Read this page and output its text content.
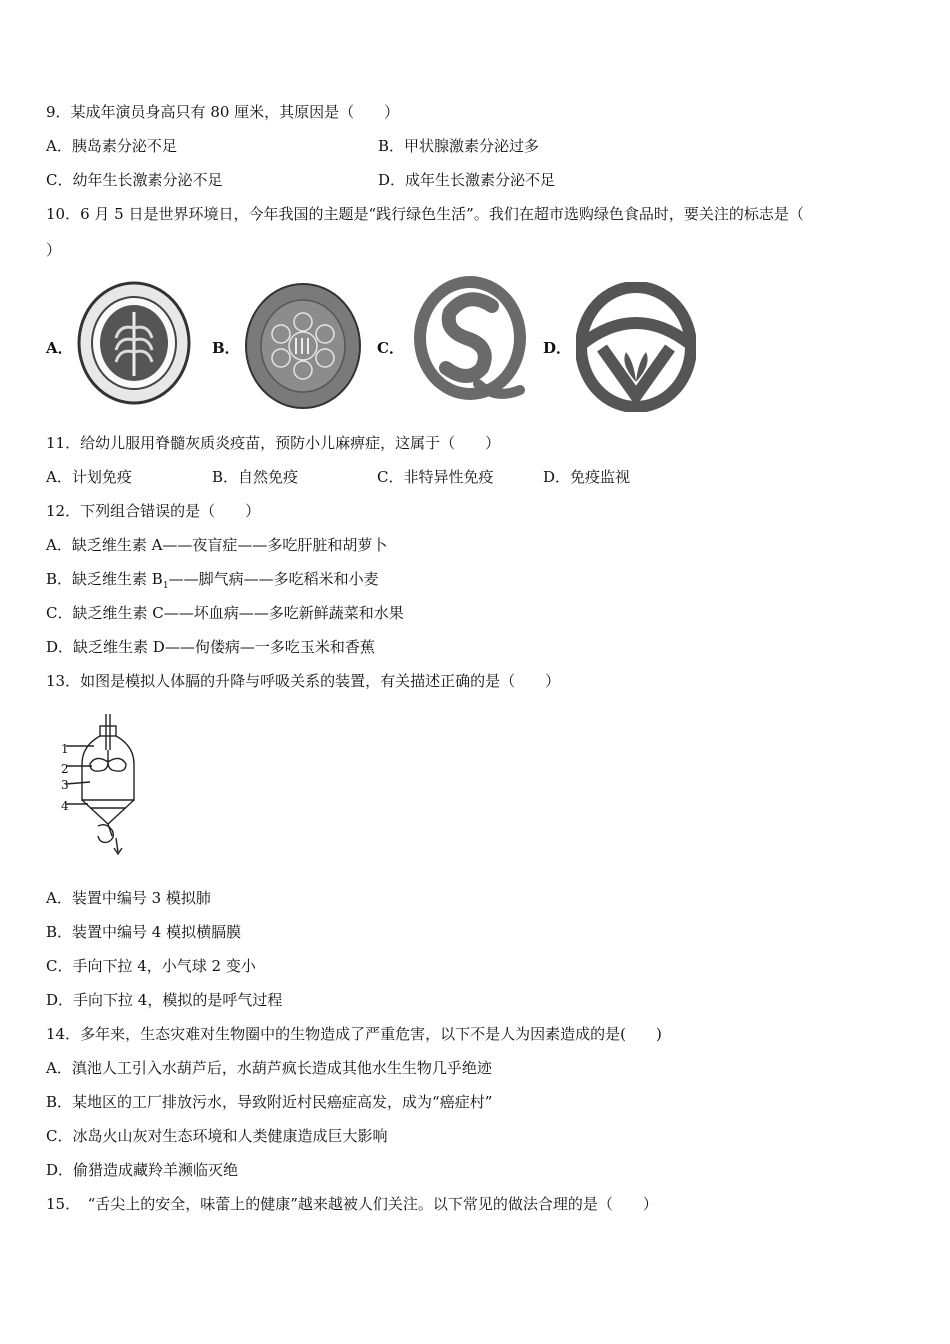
9．某成年演员身高只有 80 厘米，其原因是（　　）
A．胰岛素分泌不足	B．甲状腺激素分泌过多
C．幼年生长激素分泌不足	D．成年生长激素分泌不足
10．6 月 5 日是世界环境日，今年我国的主题是“践行绿色生活”。我们在超市选购绿色食品时，要关注的标志是（
）
A．	B．	C．	D．
11．给幼儿服用脊髓灰质炎疫苗，预防小儿麻痹症，这属于（　　）
A．计划免疫	B．自然免疫	C．非特异性免疫	D．免疫监视
12．下列组合错误的是（　　）
A．缺乏维生素 A——夜盲症——多吃肝脏和胡萝卜
B．缺乏维生素 $B_1——$脚气病——多吃稻米和小麦
C．缺乏维生素 C——坏血病——多吃新鲜蔬菜和水果
D．缺乏维生素 D——佝偻病—一多吃玉米和香蕉
13．如图是模拟人体膈的升降与呼吸关系的装置，有关描述正确的是（　　）
1
2
3
4
A．装置中编号 3 模拟肺
B．装置中编号 4 模拟横膈膜
C．手向下拉 4，小气球 2 变小
D．手向下拉 4，模拟的是呼气过程
14．多年来，生态灾难对生物圈中的生物造成了严重危害，以下不是人为因素造成的是(　　)
A．滇池人工引入水葫芦后，水葫芦疯长造成其他水生生物几乎绝迹
B．某地区的工厂排放污水，导致附近村民癌症高发，成为“癌症村”
C．冰岛火山灰对生态环境和人类健康造成巨大影响
D．偷猎造成藏羚羊濒临灭绝
15．　“舌尖上的安全，味蕾上的健康”越来越被人们关注。以下常见的做法合理的是（　　）
